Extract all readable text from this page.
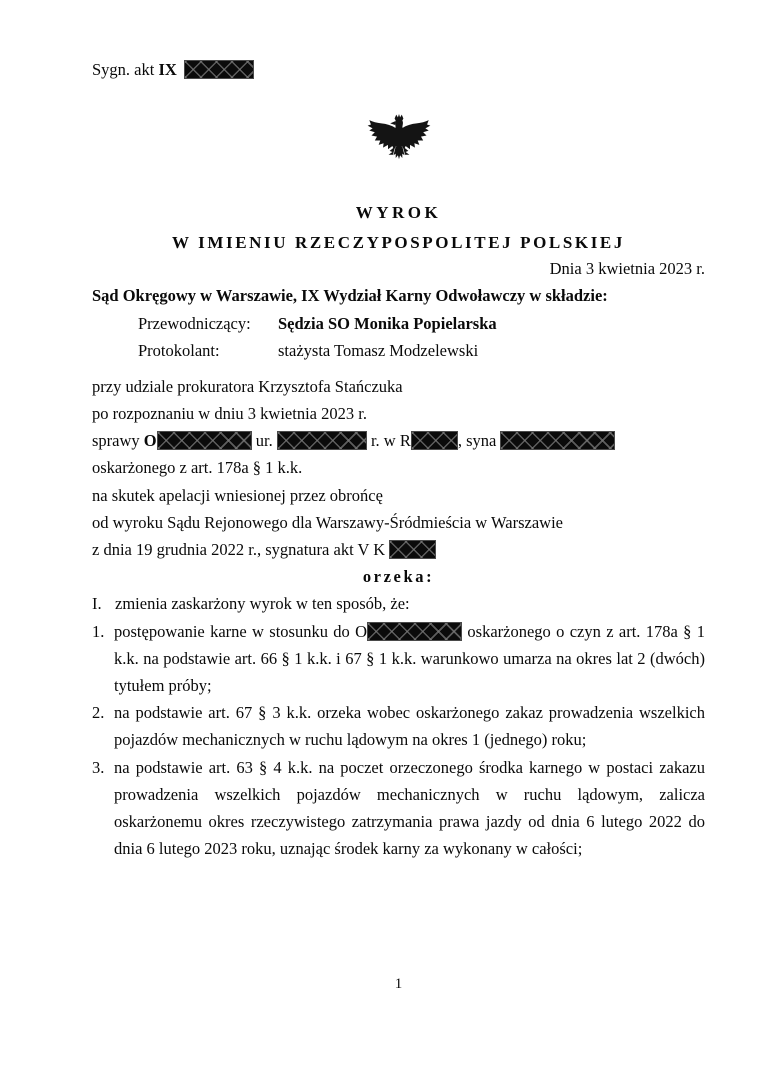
Sygn. akt IX

WYROK
W IMIENIU RZECZYPOSPOLITEJ POLSKIEJ

Dnia 3 kwietnia 2023 r.

Sąd Okręgowy w Warszawie, IX Wydział Karny Odwoławczy w składzie:

Przewodniczący:	Sędzia SO Monika Popielarska
Protokolant:	stażysta Tomasz Modzelewski

przy udziale prokuratora Krzysztofa Stańczuka

po rozpoznaniu w dniu 3 kwietnia 2023 r.

sprawy O	ur.	r. w R	, syna

oskarżonego z art. 178a § 1 k.k.

na skutek apelacji wniesionej przez obrońcę

od wyroku Sądu Rejonowego dla Warszawy-Śródmieścia w Warszawie

z dnia 19 grudnia 2022 r., sygnatura akt V K

orzeka:

I. zmienia zaskarżony wyrok w ten sposób, że:

1. postępowanie karne w stosunku do O	oskarżonego o czyn z art. 178a § 1 k.k. na podstawie art. 66 § 1 k.k. i 67 § 1 k.k. warunkowo umarza na okres lat 2 (dwóch) tytułem próby;

2. na podstawie art. 67 § 3 k.k. orzeka wobec oskarżonego zakaz prowadzenia wszelkich pojazdów mechanicznych w ruchu lądowym na okres 1 (jednego) roku;

3. na podstawie art. 63 § 4 k.k. na poczet orzeczonego środka karnego w postaci zakazu prowadzenia wszelkich pojazdów mechanicznych w ruchu lądowym, zalicza oskarżonemu okres rzeczywistego zatrzymania prawa jazdy od dnia 6 lutego 2022 do dnia 6 lutego 2023 roku, uznając środek karny za wykonany w całości;

1
